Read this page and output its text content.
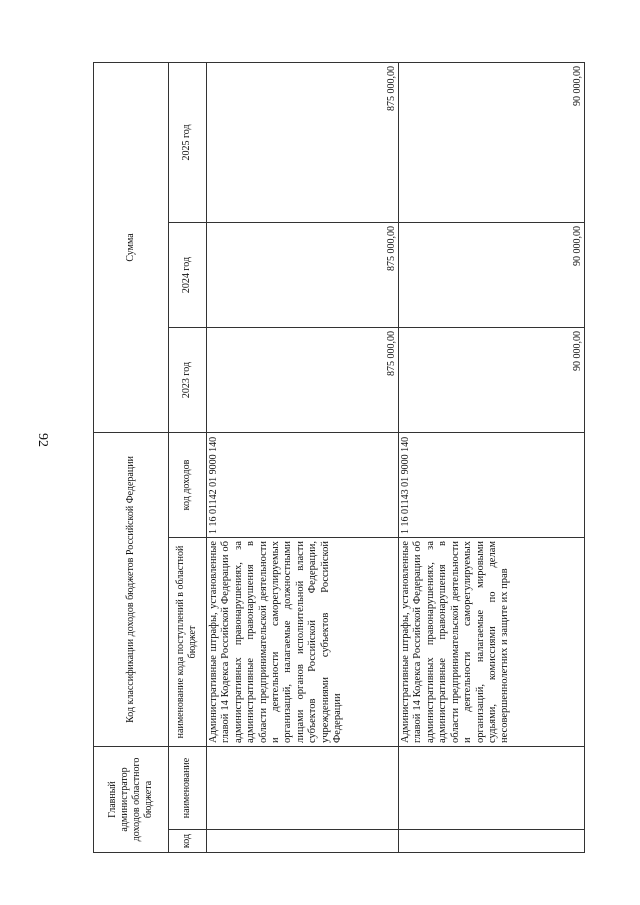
92
Главный администратор доходов областного бюджета		Код классификации доходов бюджетов Российской Федерации		Сумма		
код	наименование	наименование кода поступлений в областной бюджет	код доходов	2023 год	2024 год	2025 год
		Административные штрафы, установленные главой 14 Кодекса Российской Федерации об административных правонарушениях, за административные правонарушения в области предпринимательской деятельности и деятельности саморегулируемых организаций, налагаемые должностными лицами органов исполнительной власти субъектов Российской Федерации, учреждениями субъектов Российской Федерации	1 16 01142 01 9000 140	875 000,00	875 000,00	875 000,00
		Административные штрафы, установленные главой 14 Кодекса Российской Федерации об административных правонарушениях, за административные правонарушения в области предпринимательской деятельности и деятельности саморегулируемых организаций, налагаемые мировыми судьями, комиссиями по делам несовершеннолетних и защите их прав	1 16 01143 01 9000 140	90 000,00	90 000,00	90 000,00
